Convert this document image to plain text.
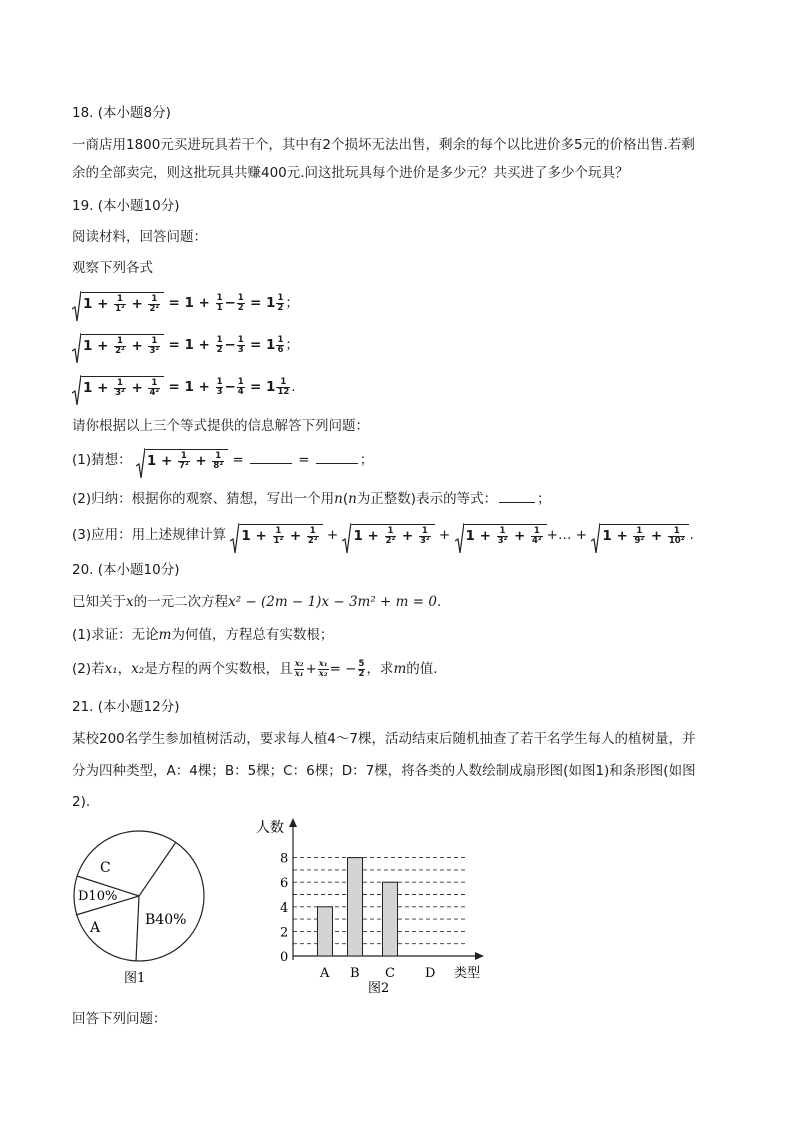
18. (本小题8分)
一商店用1800元买进玩具若干个，其中有2个损坏无法出售，剩余的每个以比进价多5元的价格出售.若剩
余的全部卖完，则这批玩具共赚400元.问这批玩具每个进价是多少元？共买进了多少个玩具？
19. (本小题10分)
阅读材料，回答问题：
观察下列各式
$1 + \frac{1}{\text{1²}} + \frac{1}{\text{2²}} = 1 + \frac{1}{1} - \frac{1}{2} = 1 \frac{1}{2}$ ；
$1 + \frac{1}{\text{2²}} + \frac{1}{\text{3²}} = 1 + \frac{1}{2} - \frac{1}{3} = 1 \frac{1}{6}$ ；
$1 + \frac{1}{\text{3²}} + \frac{1}{\text{4²}} = 1 + \frac{1}{3} - \frac{1}{4} = 1 \frac{1}{12}$ .
请你根据以上三个等式提供的信息解答下列问题：
(1)猜想： $1 + \frac{1}{\text{7²}} + \frac{1}{\text{8²}}$ =	=	；
(2)归纳：根据你的观察、猜想，写出一个用n(n为正整数)表示的等式：	；
(3)应用：用上述规律计算 $1 + \frac{1}{\text{1²}} + \frac{1}{\text{2²}}$ +
$1 + \frac{1}{\text{2²}} + \frac{1}{\text{3²}}$ +
$1 + \frac{1}{\text{3²}} + \frac{1}{\text{4²}}$ +… +
$1 + \frac{1}{\text{9²}} + \frac{1}{\text{10²}}$ .
20. (本小题10分)
已知关于x的一元二次方程x² − (2m − 1)x − 3m² + m = 0.
(1)求证：无论m为何值，方程总有实数根；
(2)若x₁，x₂是方程的两个实数根，且 $\frac{\text{x₂}}{\text{x₁}} + \frac{\text{x₁}}{\text{x₂}}$ = − $\frac{5}{2}$ ，求m的值.
21. (本小题12分)
某校200名学生参加植树活动，要求每人植4～7棵，活动结束后随机抽查了若干名学生每人的植树量，并
分为四种类型，A：4棵；B：5棵；C：6棵；D：7棵，将各类的人数绘制成扇形图(如图1)和条形图(如图
2).
C
D10%
A	B40%
图1
0
2
4
6
8
A B C D
人数
类型
图2
回答下列问题：
